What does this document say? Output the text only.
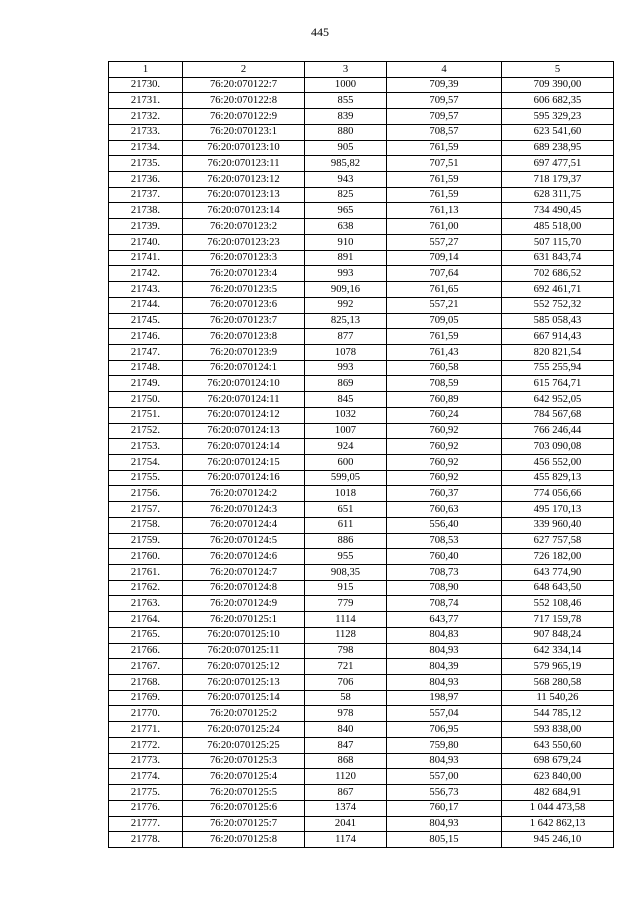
445
1	2	3	4	5
21730.	76:20:070122:7	1000	709,39	709 390,00
21731.	76:20:070122:8	855	709,57	606 682,35
21732.	76:20:070122:9	839	709,57	595 329,23
21733.	76:20:070123:1	880	708,57	623 541,60
21734.	76:20:070123:10	905	761,59	689 238,95
21735.	76:20:070123:11	985,82	707,51	697 477,51
21736.	76:20:070123:12	943	761,59	718 179,37
21737.	76:20:070123:13	825	761,59	628 311,75
21738.	76:20:070123:14	965	761,13	734 490,45
21739.	76:20:070123:2	638	761,00	485 518,00
21740.	76:20:070123:23	910	557,27	507 115,70
21741.	76:20:070123:3	891	709,14	631 843,74
21742.	76:20:070123:4	993	707,64	702 686,52
21743.	76:20:070123:5	909,16	761,65	692 461,71
21744.	76:20:070123:6	992	557,21	552 752,32
21745.	76:20:070123:7	825,13	709,05	585 058,43
21746.	76:20:070123:8	877	761,59	667 914,43
21747.	76:20:070123:9	1078	761,43	820 821,54
21748.	76:20:070124:1	993	760,58	755 255,94
21749.	76:20:070124:10	869	708,59	615 764,71
21750.	76:20:070124:11	845	760,89	642 952,05
21751.	76:20:070124:12	1032	760,24	784 567,68
21752.	76:20:070124:13	1007	760,92	766 246,44
21753.	76:20:070124:14	924	760,92	703 090,08
21754.	76:20:070124:15	600	760,92	456 552,00
21755.	76:20:070124:16	599,05	760,92	455 829,13
21756.	76:20:070124:2	1018	760,37	774 056,66
21757.	76:20:070124:3	651	760,63	495 170,13
21758.	76:20:070124:4	611	556,40	339 960,40
21759.	76:20:070124:5	886	708,53	627 757,58
21760.	76:20:070124:6	955	760,40	726 182,00
21761.	76:20:070124:7	908,35	708,73	643 774,90
21762.	76:20:070124:8	915	708,90	648 643,50
21763.	76:20:070124:9	779	708,74	552 108,46
21764.	76:20:070125:1	1114	643,77	717 159,78
21765.	76:20:070125:10	1128	804,83	907 848,24
21766.	76:20:070125:11	798	804,93	642 334,14
21767.	76:20:070125:12	721	804,39	579 965,19
21768.	76:20:070125:13	706	804,93	568 280,58
21769.	76:20:070125:14	58	198,97	11 540,26
21770.	76:20:070125:2	978	557,04	544 785,12
21771.	76:20:070125:24	840	706,95	593 838,00
21772.	76:20:070125:25	847	759,80	643 550,60
21773.	76:20:070125:3	868	804,93	698 679,24
21774.	76:20:070125:4	1120	557,00	623 840,00
21775.	76:20:070125:5	867	556,73	482 684,91
21776.	76:20:070125:6	1374	760,17	1 044 473,58
21777.	76:20:070125:7	2041	804,93	1 642 862,13
21778.	76:20:070125:8	1174	805,15	945 246,10
